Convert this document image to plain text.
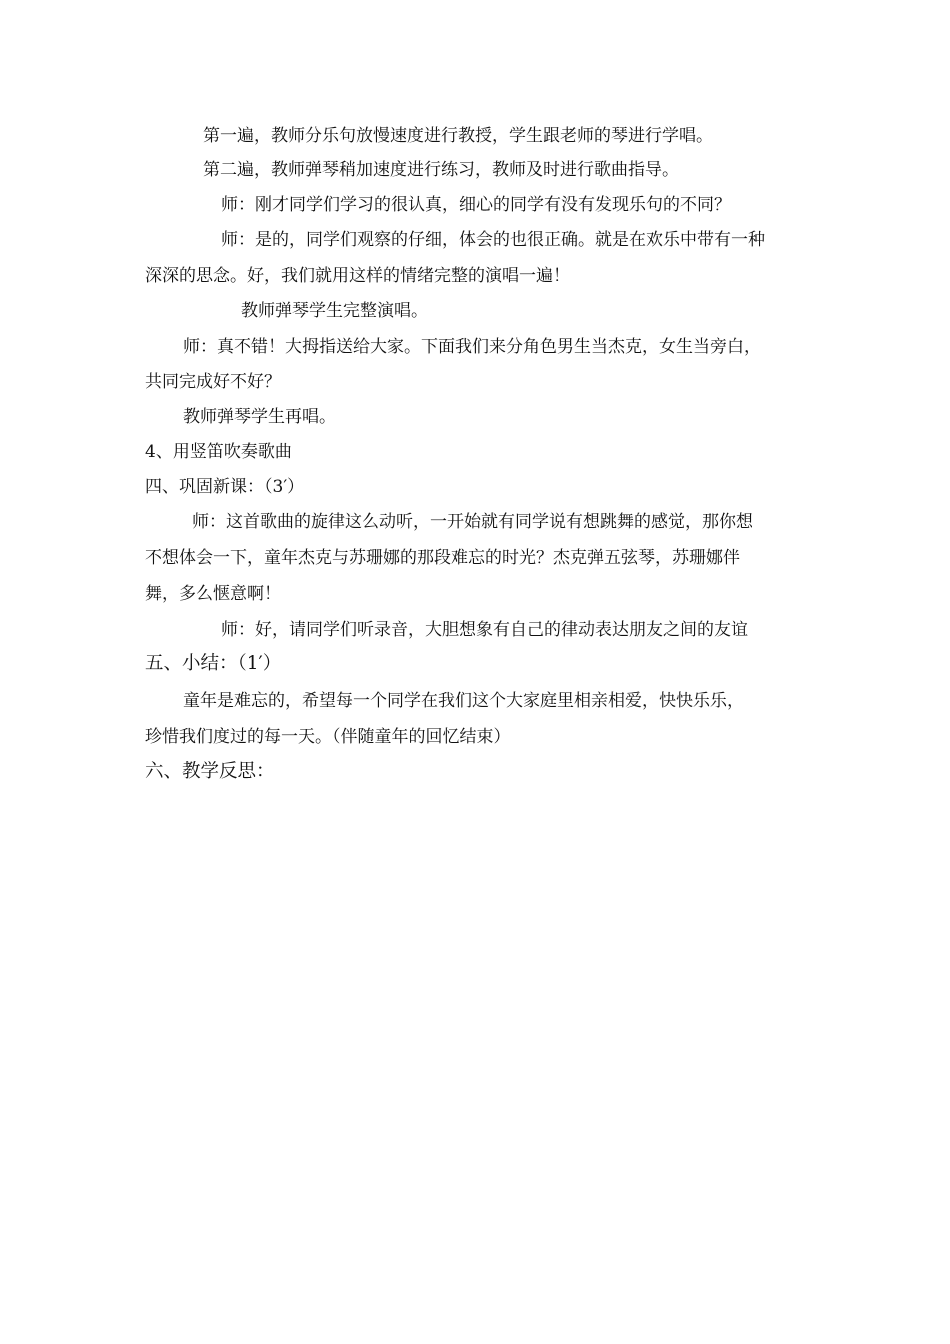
第一遍，教师分乐句放慢速度进行教授，学生跟老师的琴进行学唱。
第二遍，教师弹琴稍加速度进行练习，教师及时进行歌曲指导。
师：刚才同学们学习的很认真，细心的同学有没有发现乐句的不同？
师：是的，同学们观察的仔细，体会的也很正确。就是在欢乐中带有一种
深深的思念。好，我们就用这样的情绪完整的演唱一遍！
教师弹琴学生完整演唱。
师：真不错！大拇指送给大家。下面我们来分角色男生当杰克，女生当旁白，
共同完成好不好？
教师弹琴学生再唱。
4、用竖笛吹奏歌曲
四、巩固新课：（3′）
师：这首歌曲的旋律这么动听，一开始就有同学说有想跳舞的感觉，那你想
不想体会一下，童年杰克与苏珊娜的那段难忘的时光？杰克弹五弦琴，苏珊娜伴
舞，多么惬意啊！
师：好，请同学们听录音，大胆想象有自己的律动表达朋友之间的友谊
五、小结：（1′）
童年是难忘的，希望每一个同学在我们这个大家庭里相亲相爱，快快乐乐，
珍惜我们度过的每一天。（伴随童年的回忆结束）
六、教学反思：
